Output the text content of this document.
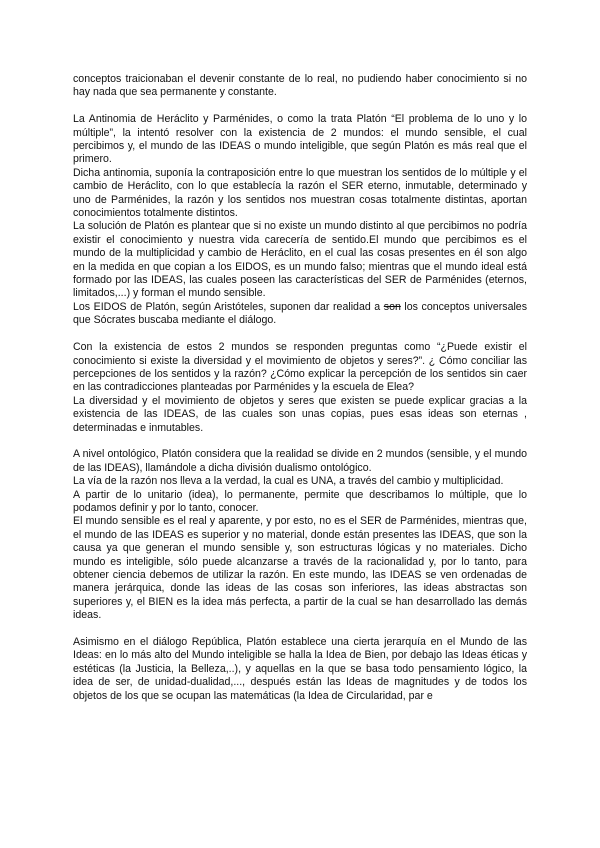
conceptos traicionaban el devenir constante de lo real, no pudiendo haber conocimiento si no hay nada que sea permanente y constante.

La Antinomia de Heráclito y Parménides, o como la trata Platón “El problema de lo uno y lo múltiple”, la intentó resolver con la existencia de 2 mundos: el mundo sensible, el cual percibimos y, el mundo de las IDEAS o mundo inteligible, que según Platón es más real que el primero.

Dicha antinomia, suponía la contraposición entre lo que muestran los sentidos de lo múltiple y el cambio de Heráclito, con lo que establecía la razón el SER eterno, inmutable, determinado y uno de Parménides, la razón y los sentidos nos muestran cosas totalmente distintas, aportan conocimientos totalmente distintos.

La solución de Platón es plantear que si no existe un mundo distinto al que percibimos no podría existir el conocimiento y nuestra vida carecería de sentido.El mundo que percibimos es el mundo de la multiplicidad y cambio de Heráclito, en el cual las cosas presentes en él son algo en la medida en que copian a los EIDOS, es un mundo falso; mientras que el mundo ideal está formado por las IDEAS, las cuales poseen las características del SER de Parménides (eternos, limitados,...) y forman el mundo sensible.

Los EIDOS de Platón, según Aristóteles, suponen dar realidad a son los conceptos universales que Sócrates buscaba mediante el diálogo.

Con la existencia de estos 2 mundos se responden preguntas como “¿Puede existir el conocimiento si existe la diversidad y el movimiento de objetos y seres?”. ¿ Cómo conciliar las percepciones de los sentidos y la razón? ¿Cómo explicar la percepción de los sentidos sin caer en las contradicciones planteadas por Parménides y la escuela de Elea?

La diversidad y el movimiento de objetos y seres que existen se puede explicar gracias a la existencia de las IDEAS, de las cuales son unas copias, pues esas ideas son eternas , determinadas e inmutables.

A nivel ontológico, Platón considera que la realidad se divide en 2 mundos (sensible, y el mundo de las IDEAS), llamándole a dicha división dualismo ontológico.

La vía de la razón nos lleva a la verdad, la cual es UNA, a través del cambio y multiplicidad.

A partir de lo unitario (idea), lo permanente, permite que describamos lo múltiple, que lo podamos definir y por lo tanto, conocer.

El mundo sensible es el real y aparente, y por esto, no es el SER de Parménides, mientras que, el mundo de las IDEAS es superior y no material, donde están presentes las IDEAS, que son la causa ya que generan el mundo sensible y, son estructuras lógicas y no materiales. Dicho mundo es inteligible, sólo puede alcanzarse a través de la racionalidad y, por lo tanto, para obtener ciencia debemos de utilizar la razón. En este mundo, las IDEAS se ven ordenadas de manera jerárquica, donde las ideas de las cosas son inferiores, las ideas abstractas son superiores y, el BIEN es la idea más perfecta, a partir de la cual se han desarrollado las demás ideas.

Asimismo en el diálogo República, Platón establece una cierta jerarquía en el Mundo de las Ideas: en lo más alto del Mundo inteligible se halla la Idea de Bien, por debajo las Ideas éticas y estéticas (la Justicia, la Belleza,..), y aquellas en la que se basa todo pensamiento lógico, la idea de ser, de unidad-dualidad,..., después están las Ideas de magnitudes y de todos los objetos de los que se ocupan las matemáticas (la Idea de Circularidad, par e
